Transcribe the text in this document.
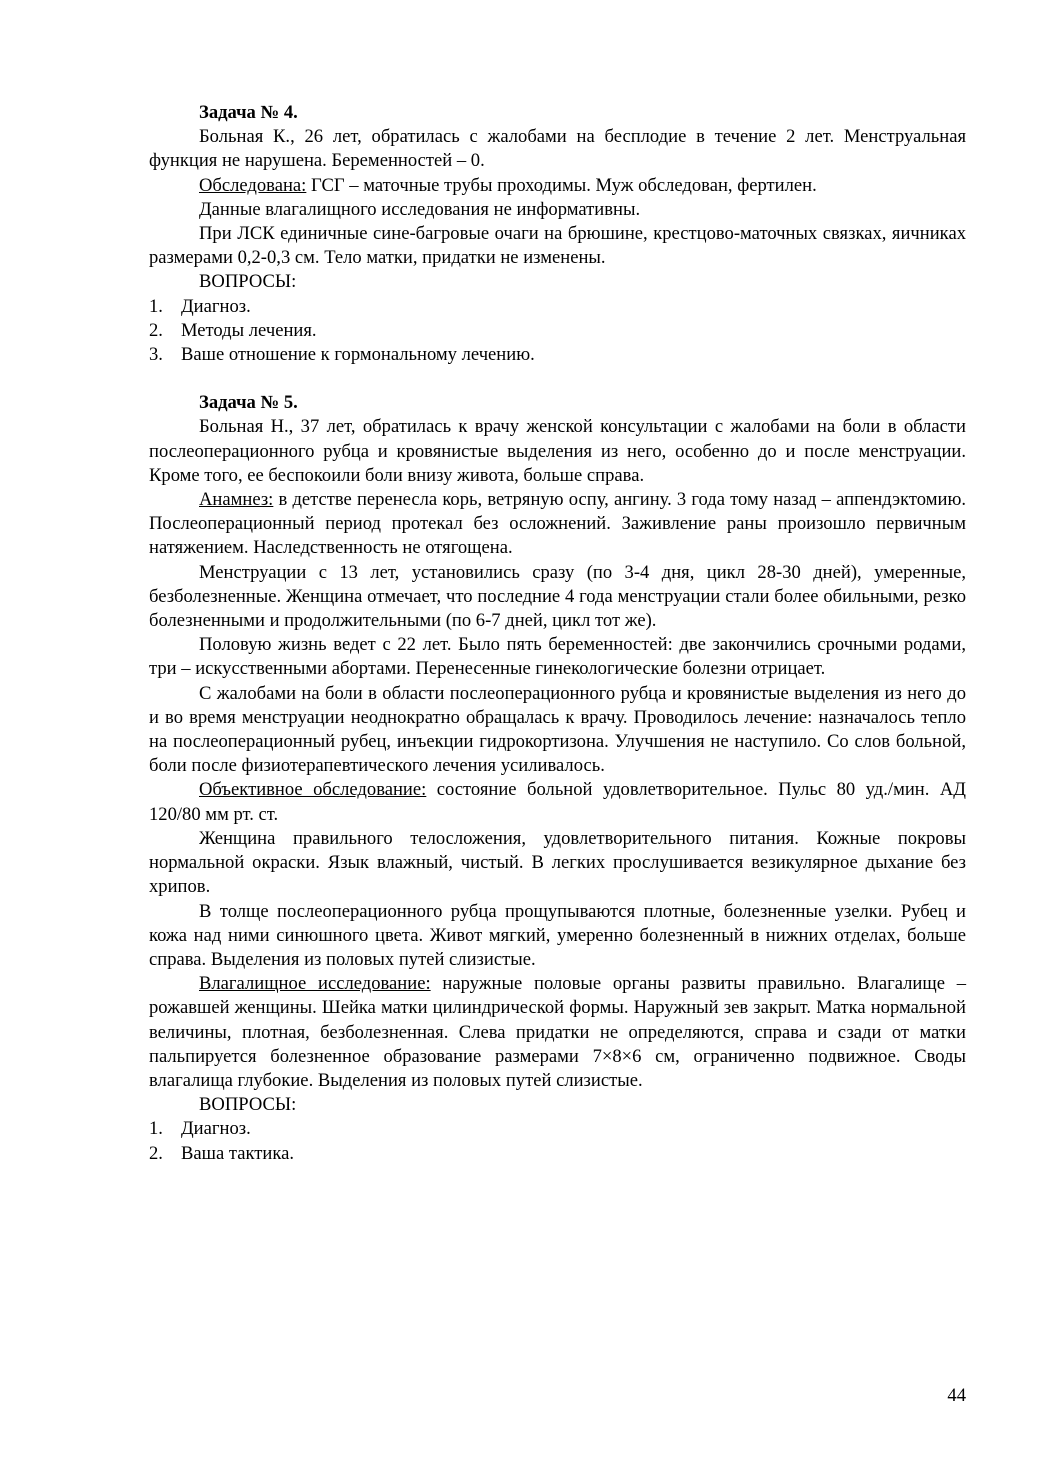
Задача № 4.

Больная К., 26 лет, обратилась с жалобами на бесплодие в течение 2 лет. Менструальная функция не нарушена. Беременностей – 0.

Обследована: ГСГ – маточные трубы проходимы. Муж обследован, фертилен.

Данные влагалищного исследования не информативны.

При ЛСК единичные сине-багровые очаги на брюшине, крестцово-маточных связках, яичниках размерами 0,2-0,3 см. Тело матки, придатки не изменены.

ВОПРОСЫ:
1. Диагноз.
2. Методы лечения.
3. Ваше отношение к гормональному лечению.
Задача № 5.

Больная Н., 37 лет, обратилась к врачу женской консультации с жалобами на боли в области послеоперационного рубца и кровянистые выделения из него, особенно до и после менструации. Кроме того, ее беспокоили боли внизу живота, больше справа.

Анамнез: в детстве перенесла корь, ветряную оспу, ангину. 3 года тому назад – аппендэктомию. Послеоперационный период протекал без осложнений. Заживление раны произошло первичным натяжением. Наследственность не отягощена.

Менструации с 13 лет, установились сразу (по 3-4 дня, цикл 28-30 дней), умеренные, безболезненные. Женщина отмечает, что последние 4 года менструации стали более обильными, резко болезненными и продолжительными (по 6-7 дней, цикл тот же).

Половую жизнь ведет с 22 лет. Было пять беременностей: две закончились срочными родами, три – искусственными абортами. Перенесенные гинекологические болезни отрицает.

С жалобами на боли в области послеоперационного рубца и кровянистые выделения из него до и во время менструации неоднократно обращалась к врачу. Проводилось лечение: назначалось тепло на послеоперационный рубец, инъекции гидрокортизона. Улучшения не наступило. Со слов больной, боли после физиотерапевтического лечения усиливалось.

Объективное обследование: состояние больной удовлетворительное. Пульс 80 уд./мин. АД 120/80 мм рт. ст.

Женщина правильного телосложения, удовлетворительного питания. Кожные покровы нормальной окраски. Язык влажный, чистый. В легких прослушивается везикулярное дыхание без хрипов.

В толще послеоперационного рубца прощупываются плотные, болезненные узелки. Рубец и кожа над ними синюшного цвета. Живот мягкий, умеренно болезненный в нижних отделах, больше справа. Выделения из половых путей слизистые.

Влагалищное исследование: наружные половые органы развиты правильно. Влагалище – рожавшей женщины. Шейка матки цилиндрической формы. Наружный зев закрыт. Матка нормальной величины, плотная, безболезненная. Слева придатки не определяются, справа и сзади от матки пальпируется болезненное образование размерами 7×8×6 см, ограниченно подвижное. Своды влагалища глубокие. Выделения из половых путей слизистые.

ВОПРОСЫ:
1. Диагноз.
2. Ваша тактика.
44
